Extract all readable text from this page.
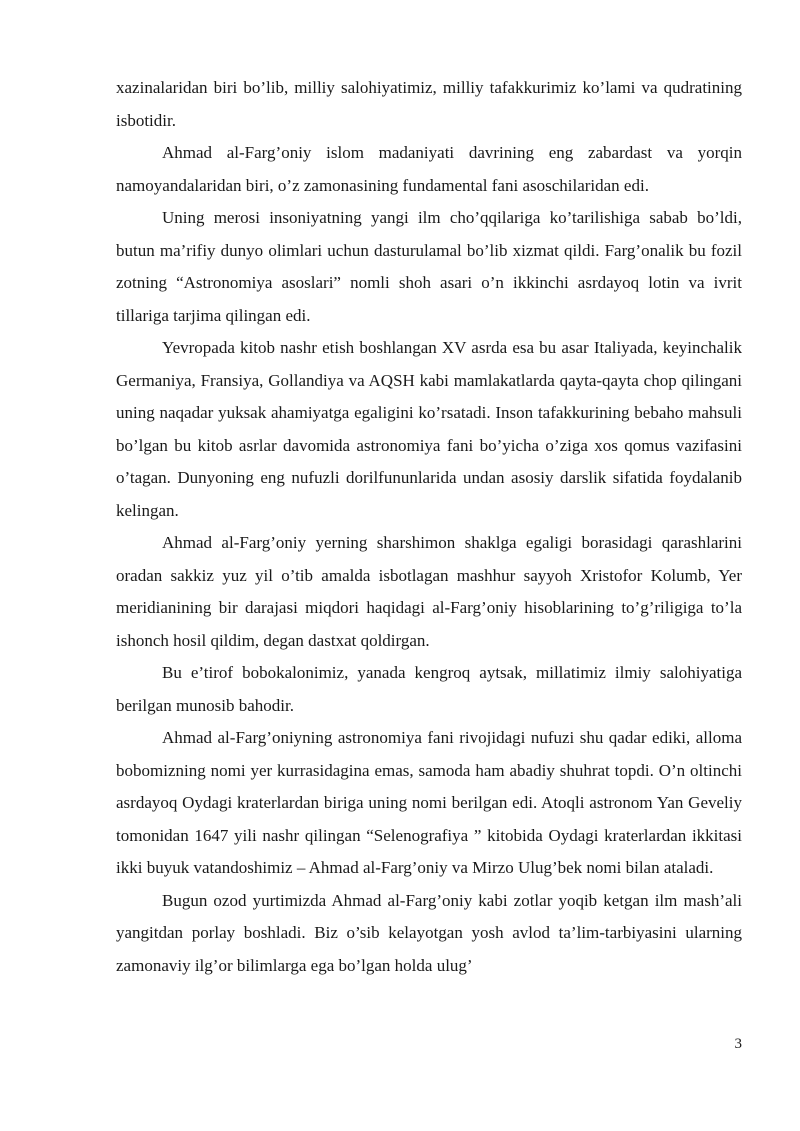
xazinalaridan biri bo’lib, milliy salohiyatimiz, milliy tafakkurimiz ko’lami va qudratining isbotidir.

Ahmad al-Farg’oniy islom madaniyati davrining eng zabardast va yorqin namoyandalaridan biri, o’z zamonasining fundamental fani asoschilaridan edi.

Uning merosi insoniyatning yangi ilm cho’qqilariga ko’tarilishiga sabab bo’ldi, butun ma’rifiy dunyo olimlari uchun dasturulamal bo’lib xizmat qildi. Farg’onalik bu fozil zotning “Astronomiya asoslari” nomli shoh asari o’n ikkinchi asrdayoq lotin va ivrit tillariga tarjima qilingan edi.

Yevropada kitob nashr etish boshlangan XV asrda esa bu asar Italiyada, keyinchalik Germaniya, Fransiya, Gollandiya va AQSH kabi mamlakatlarda qayta-qayta chop qilingani uning naqadar yuksak ahamiyatga egaligini ko’rsatadi. Inson tafakkurining bebaho mahsuli bo’lgan bu kitob asrlar davomida astronomiya fani bo’yicha o’ziga xos qomus vazifasini o’tagan. Dunyoning eng nufuzli dorilfununlarida undan asosiy darslik sifatida foydalanib kelingan.

Ahmad al-Farg’oniy yerning sharshimon shaklga egaligi borasidagi qarashlarini oradan sakkiz yuz yil o’tib amalda isbotlagan mashhur sayyoh Xristofor Kolumb, Yer meridianining bir darajasi miqdori haqidagi al-Farg’oniy hisoblarining to’g’riligiga to’la ishonch hosil qildim, degan dastxat qoldirgan.

Bu e’tirof bobokalonimiz, yanada kengroq aytsak, millatimiz ilmiy salohiyatiga berilgan munosib bahodir.

Ahmad al-Farg’oniyning astronomiya fani rivojidagi nufuzi shu qadar ediki, alloma bobomizning nomi yer kurrasidagina emas, samoda ham abadiy shuhrat topdi. O’n oltinchi asrdayoq Oydagi kraterlardan biriga uning nomi berilgan edi. Atoqli astronom Yan Geveliy tomonidan 1647 yili nashr qilingan “Selenografiya ” kitobida Oydagi kraterlardan ikkitasi ikki buyuk vatandoshimiz – Ahmad al-Farg’oniy va Mirzo Ulug’bek nomi bilan ataladi.

Bugun ozod yurtimizda Ahmad al-Farg’oniy kabi zotlar yoqib ketgan ilm mash’ali yangitdan porlay boshladi. Biz o’sib kelayotgan yosh avlod ta’lim-tarbiyasini ularning zamonaviy ilg’or bilimlarga ega bo’lgan holda ulug’

3
